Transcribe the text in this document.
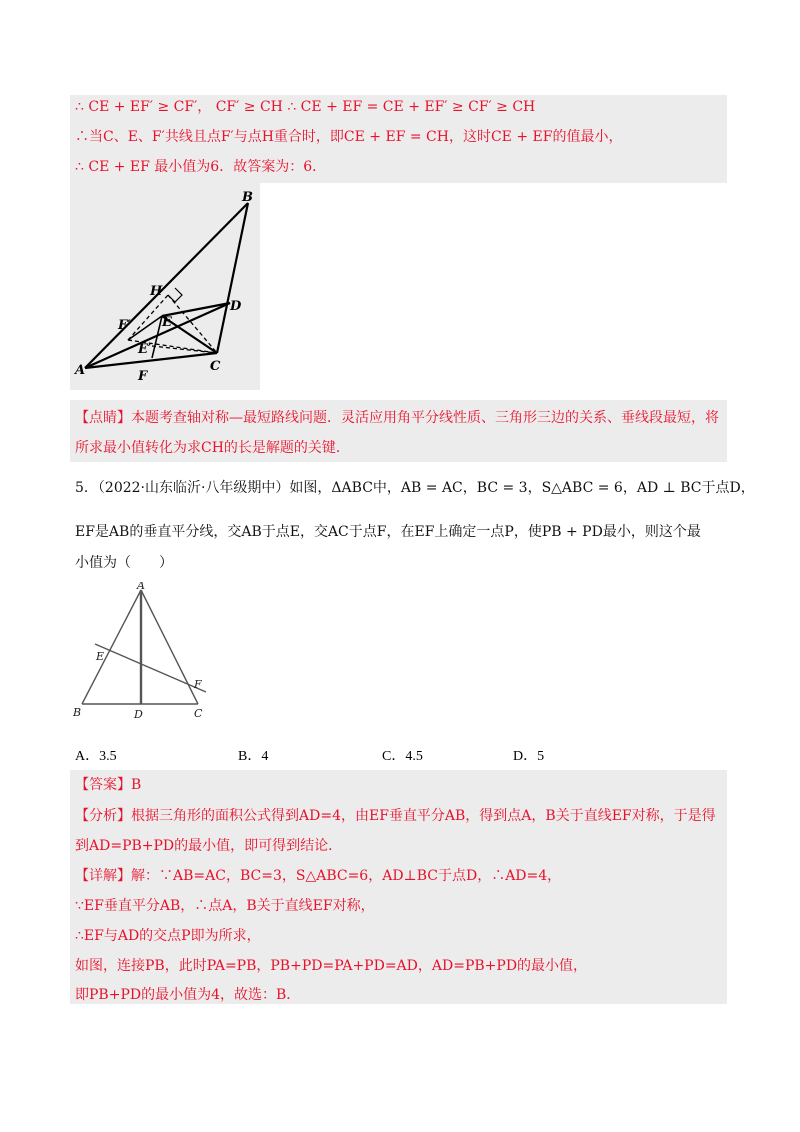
∴ CE + EF′ ≥ CF′， CF′ ≥ CH ∴ CE + EF = CE + EF′ ≥ CF′ ≥ CH
∴当C、E、F′共线且点F′与点H重合时，即CE + EF = CH，这时CE + EF的值最小，
∴ CE + EF 最小值为6．故答案为：6．
B
H
D
F′ E
E′
A	F
C
【点睛】本题考查轴对称—最短路线问题．灵活应用角平分线性质、三角形三边的关系、垂线段最短，将
所求最小值转化为求CH的长是解题的关键．
5．（2022·山东临沂·八年级期中）如图，ΔABC中，AB = AC，BC = 3，S△ABC = 6，AD ⊥ BC于点D，
EF是AB的垂直平分线，交AB于点E，交AC于点F，在EF上确定一点P，使PB + PD最小，则这个最
小值为（　　）
A
E
F
B	D	C
A．3.5	B．4	C．4.5	D．5
【答案】B
【分析】根据三角形的面积公式得到AD=4，由EF垂直平分AB，得到点A，B关于直线EF对称，于是得
到AD=PB+PD的最小值，即可得到结论．
【详解】解：∵AB=AC，BC=3，S△ABC=6，AD⊥BC于点D，∴AD=4，
∵EF垂直平分AB，∴点A，B关于直线EF对称，
∴EF与AD的交点P即为所求，
如图，连接PB，此时PA=PB，PB+PD=PA+PD=AD，AD=PB+PD的最小值，
即PB+PD的最小值为4，故选：B．
